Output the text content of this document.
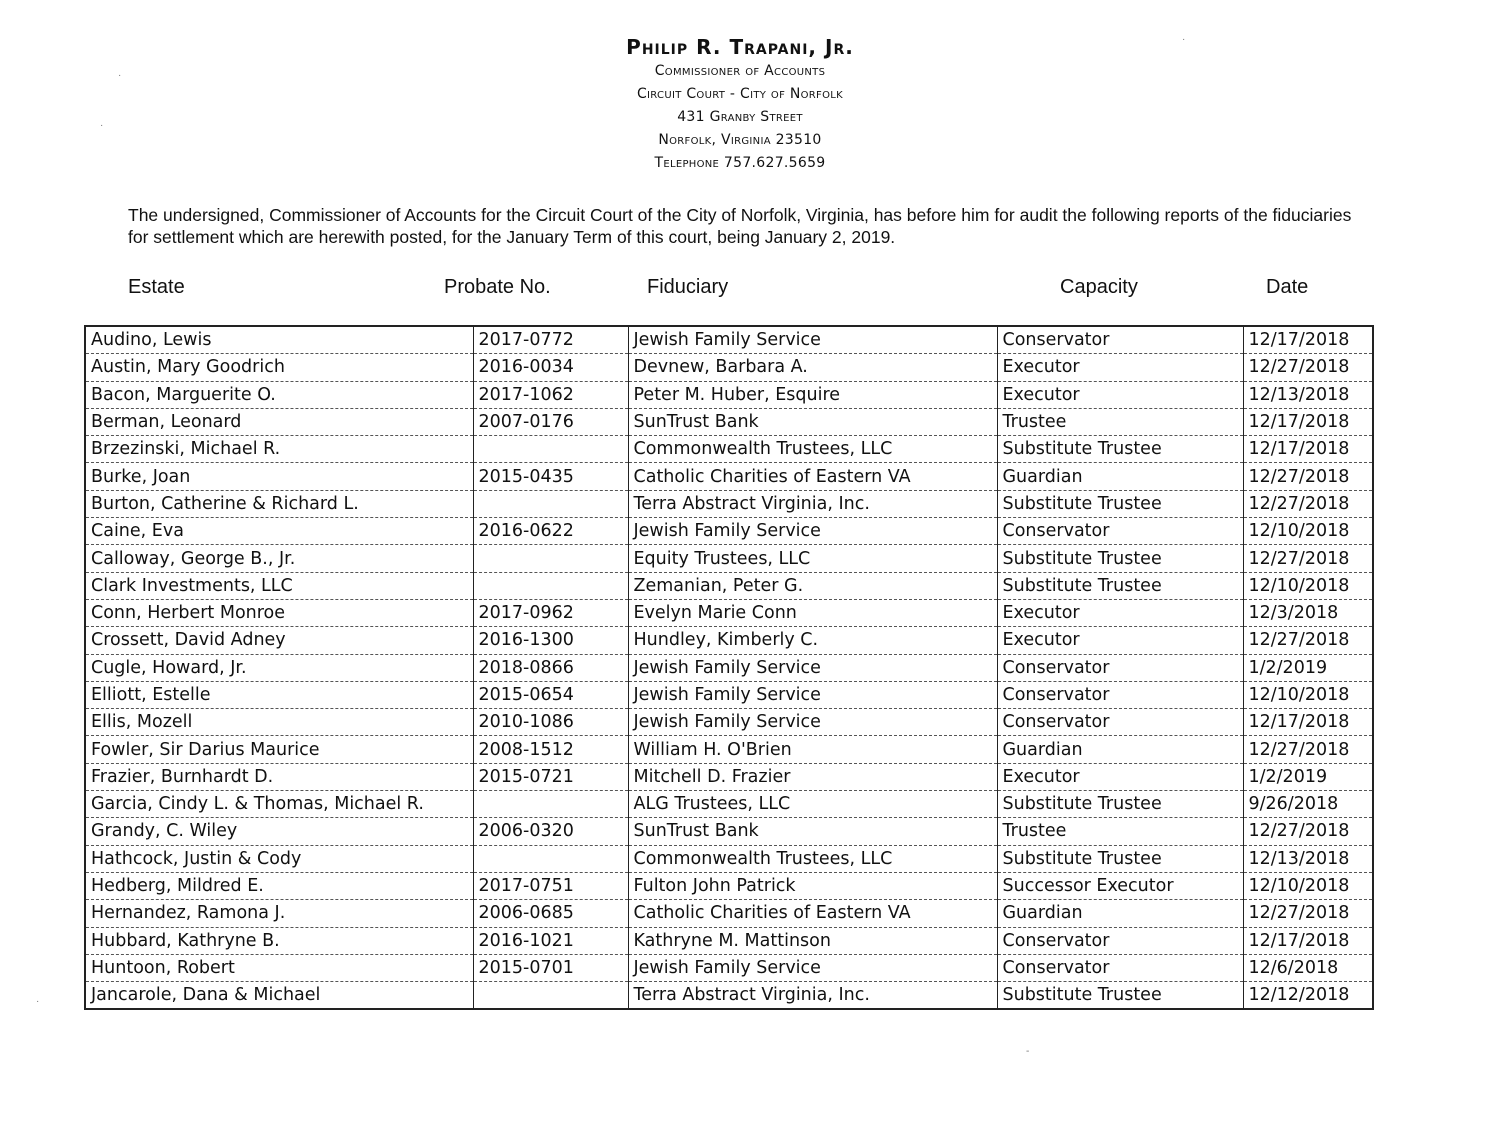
·
·
·
-
·
Philip R. Trapani, Jr.
Commissioner of Accounts
Circuit Court - City of Norfolk
431 Granby Street
Norfolk, Virginia 23510
Telephone 757.627.5659
The undersigned, Commissioner of Accounts for the Circuit Court of the City of Norfolk, Virginia, has before him for audit the following reports of the fiduciaries for settlement which are herewith posted, for the January Term of this court, being January 2, 2019.
Estate	Probate No.	Fiduciary	Capacity	Date
Audino, Lewis	2017-0772	Jewish Family Service	Conservator	12/17/2018
Austin, Mary Goodrich	2016-0034	Devnew, Barbara A.	Executor	12/27/2018
Bacon, Marguerite O.	2017-1062	Peter M. Huber, Esquire	Executor	12/13/2018
Berman, Leonard	2007-0176	SunTrust Bank	Trustee	12/17/2018
Brzezinski, Michael R.		Commonwealth Trustees, LLC	Substitute Trustee	12/17/2018
Burke, Joan	2015-0435	Catholic Charities of Eastern VA	Guardian	12/27/2018
Burton, Catherine & Richard L.		Terra Abstract Virginia, Inc.	Substitute Trustee	12/27/2018
Caine, Eva	2016-0622	Jewish Family Service	Conservator	12/10/2018
Calloway, George B., Jr.		Equity Trustees, LLC	Substitute Trustee	12/27/2018
Clark Investments, LLC		Zemanian, Peter G.	Substitute Trustee	12/10/2018
Conn, Herbert Monroe	2017-0962	Evelyn Marie Conn	Executor	12/3/2018
Crossett, David Adney	2016-1300	Hundley, Kimberly C.	Executor	12/27/2018
Cugle, Howard, Jr.	2018-0866	Jewish Family Service	Conservator	1/2/2019
Elliott, Estelle	2015-0654	Jewish Family Service	Conservator	12/10/2018
Ellis, Mozell	2010-1086	Jewish Family Service	Conservator	12/17/2018
Fowler, Sir Darius Maurice	2008-1512	William H. O'Brien	Guardian	12/27/2018
Frazier, Burnhardt D.	2015-0721	Mitchell D. Frazier	Executor	1/2/2019
Garcia, Cindy L. & Thomas, Michael R.		ALG Trustees, LLC	Substitute Trustee	9/26/2018
Grandy, C. Wiley	2006-0320	SunTrust Bank	Trustee	12/27/2018
Hathcock, Justin & Cody		Commonwealth Trustees, LLC	Substitute Trustee	12/13/2018
Hedberg, Mildred E.	2017-0751	Fulton John Patrick	Successor Executor	12/10/2018
Hernandez, Ramona J.	2006-0685	Catholic Charities of Eastern VA	Guardian	12/27/2018
Hubbard, Kathryne B.	2016-1021	Kathryne M. Mattinson	Conservator	12/17/2018
Huntoon, Robert	2015-0701	Jewish Family Service	Conservator	12/6/2018
Jancarole, Dana & Michael		Terra Abstract Virginia, Inc.	Substitute Trustee	12/12/2018
